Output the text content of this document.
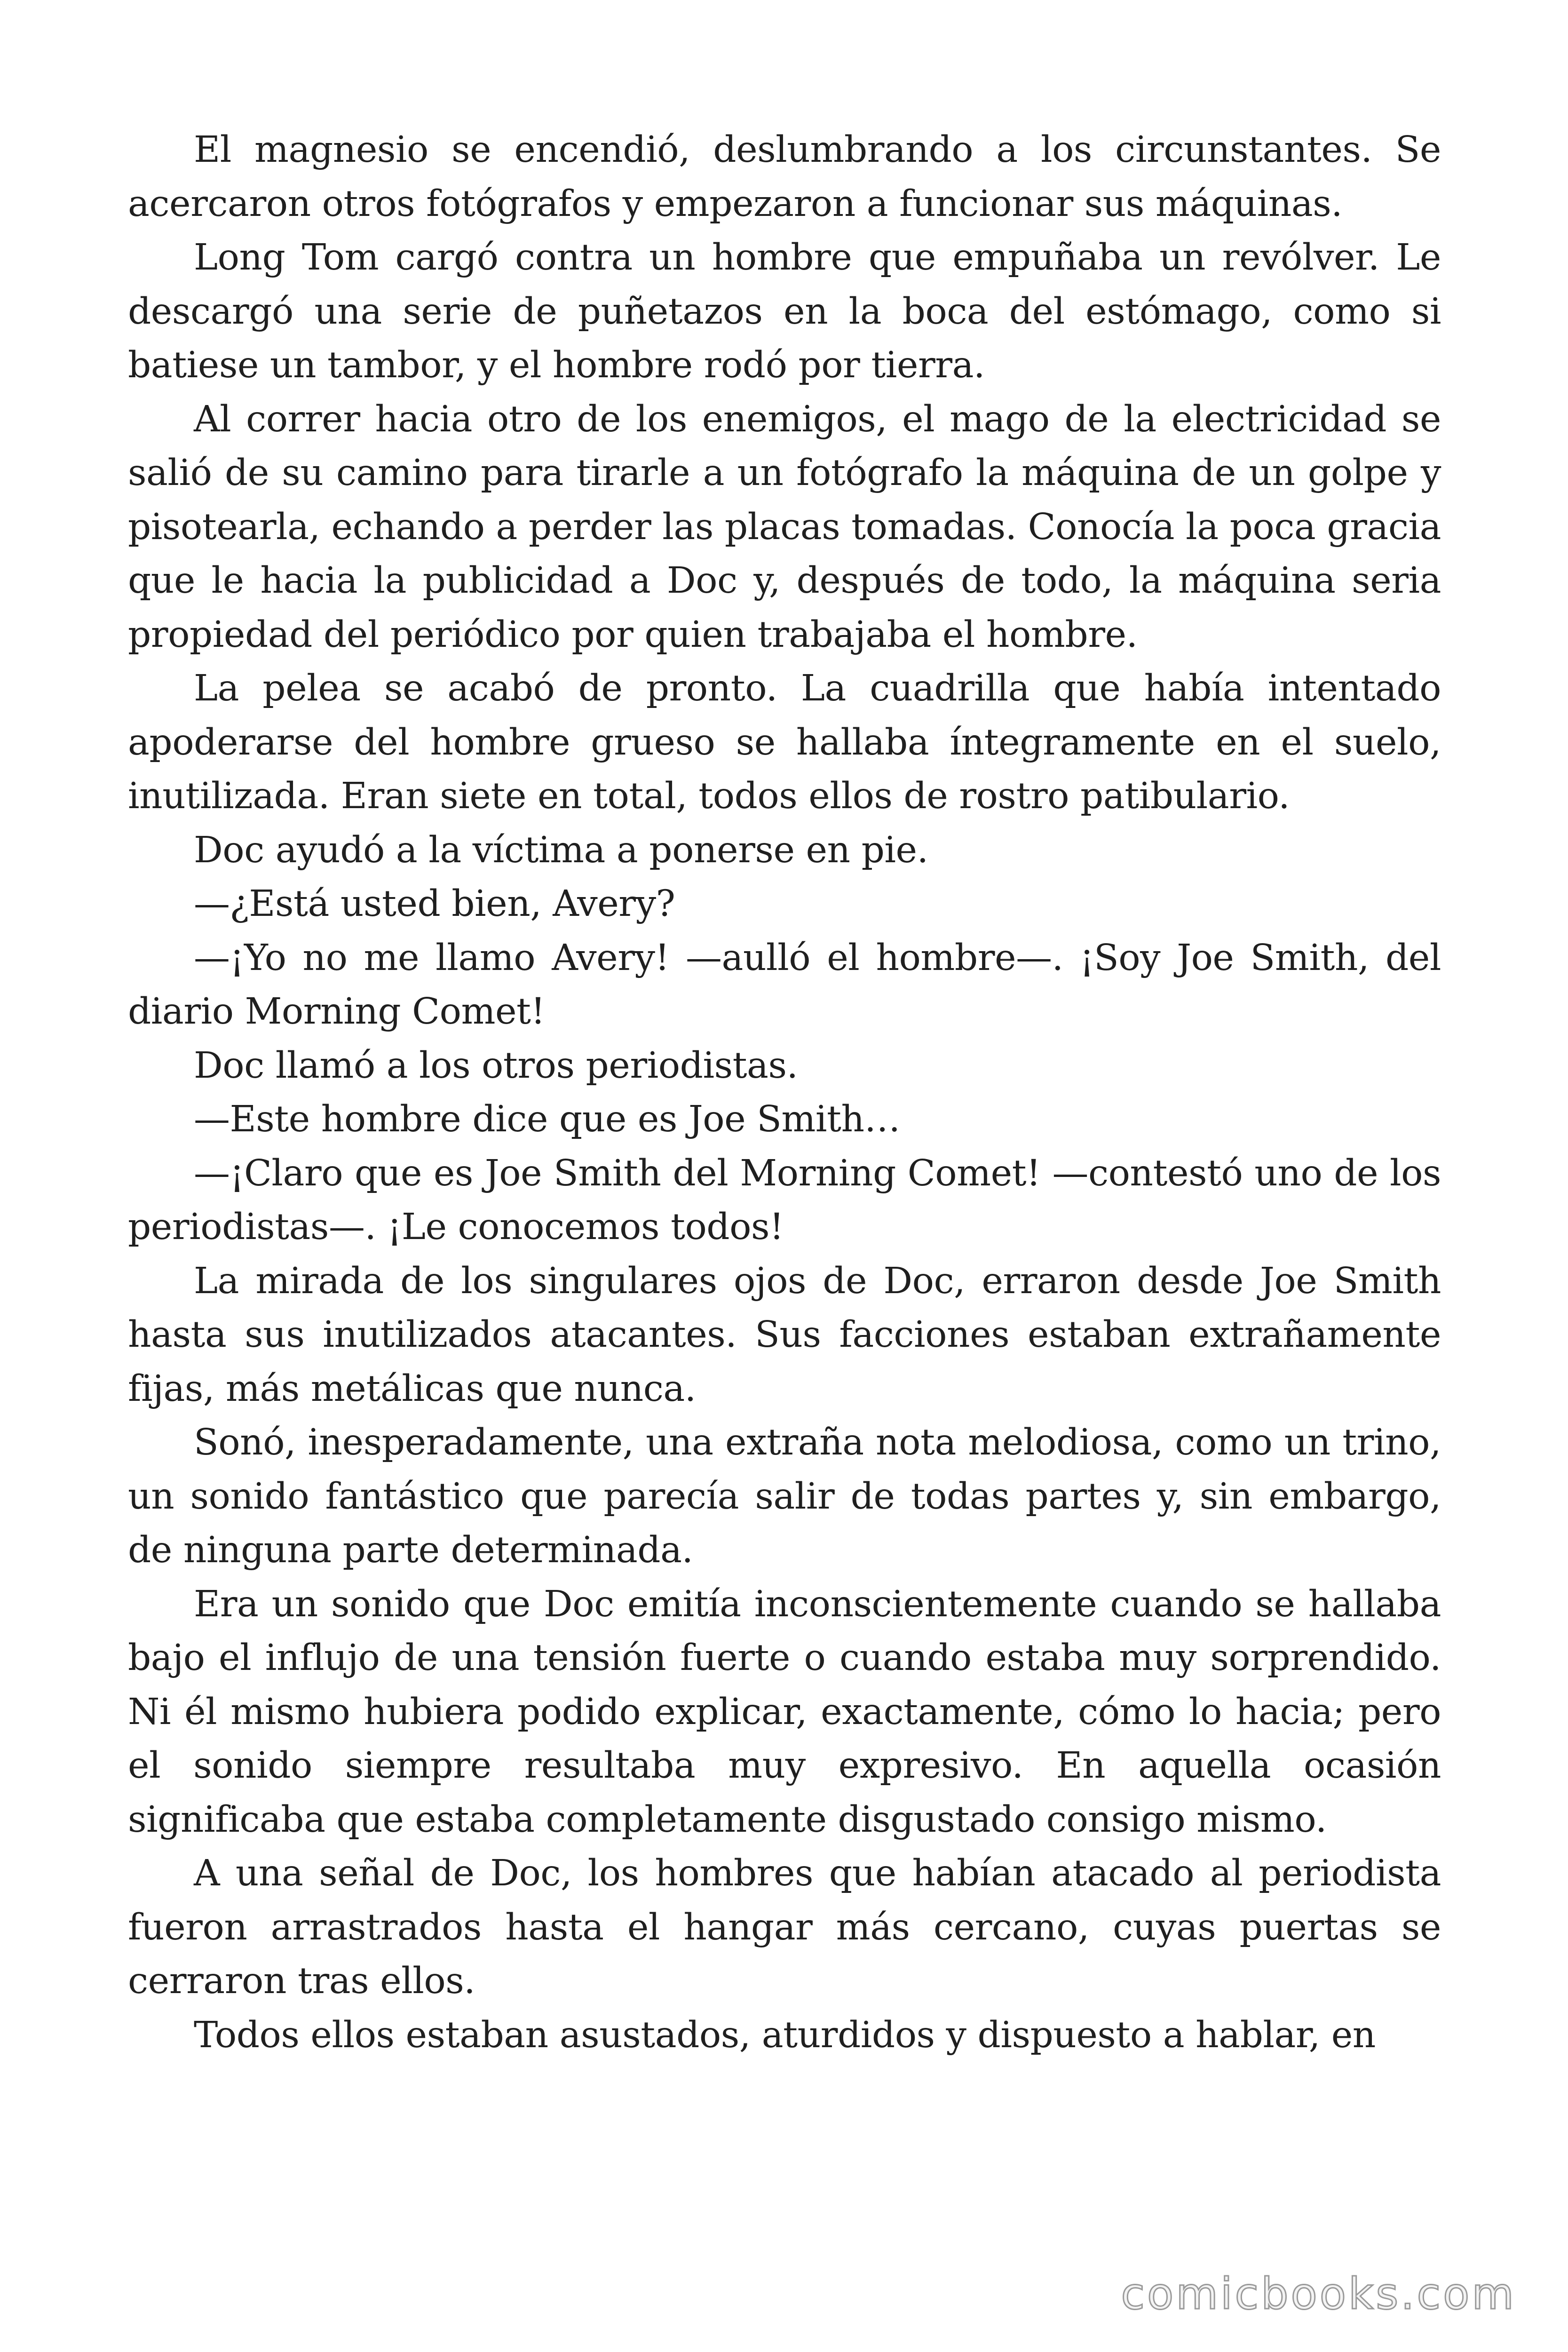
El magnesio se encendió, deslumbrando a los circunstantes. Se acercaron otros fotógrafos y empezaron a funcionar sus máquinas.

Long Tom cargó contra un hombre que empuñaba un revólver. Le descargó una serie de puñetazos en la boca del estómago, como si batiese un tambor, y el hombre rodó por tierra.

Al correr hacia otro de los enemigos, el mago de la electricidad se salió de su camino para tirarle a un fotógrafo la máquina de un golpe y pisotearla, echando a perder las placas tomadas. Conocía la poca gracia que le hacia la publicidad a Doc y, después de todo, la máquina seria propiedad del periódico por quien trabajaba el hombre.

La pelea se acabó de pronto. La cuadrilla que había intentado apoderarse del hombre grueso se hallaba íntegramente en el suelo, inutilizada. Eran siete en total, todos ellos de rostro patibulario.

Doc ayudó a la víctima a ponerse en pie.

—¿Está usted bien, Avery?

—¡Yo no me llamo Avery! —aulló el hombre—. ¡Soy Joe Smith, del diario Morning Comet!

Doc llamó a los otros periodistas.

—Este hombre dice que es Joe Smith…

—¡Claro que es Joe Smith del Morning Comet! —contestó uno de los periodistas—. ¡Le conocemos todos!

La mirada de los singulares ojos de Doc, erraron desde Joe Smith hasta sus inutilizados atacantes. Sus facciones estaban extrañamente fijas, más metálicas que nunca.

Sonó, inesperadamente, una extraña nota melodiosa, como un trino, un sonido fantástico que parecía salir de todas partes y, sin embargo, de ninguna parte determinada.

Era un sonido que Doc emitía inconscientemente cuando se hallaba bajo el influjo de una tensión fuerte o cuando estaba muy sorprendido. Ni él mismo hubiera podido explicar, exactamente, cómo lo hacia; pero el sonido siempre resultaba muy expresivo. En aquella ocasión significaba que estaba completamente disgustado consigo mismo.

A una señal de Doc, los hombres que habían atacado al periodista fueron arrastrados hasta el hangar más cercano, cuyas puertas se cerraron tras ellos.

Todos ellos estaban asustados, aturdidos y dispuesto a hablar, en

comicbooks.com
